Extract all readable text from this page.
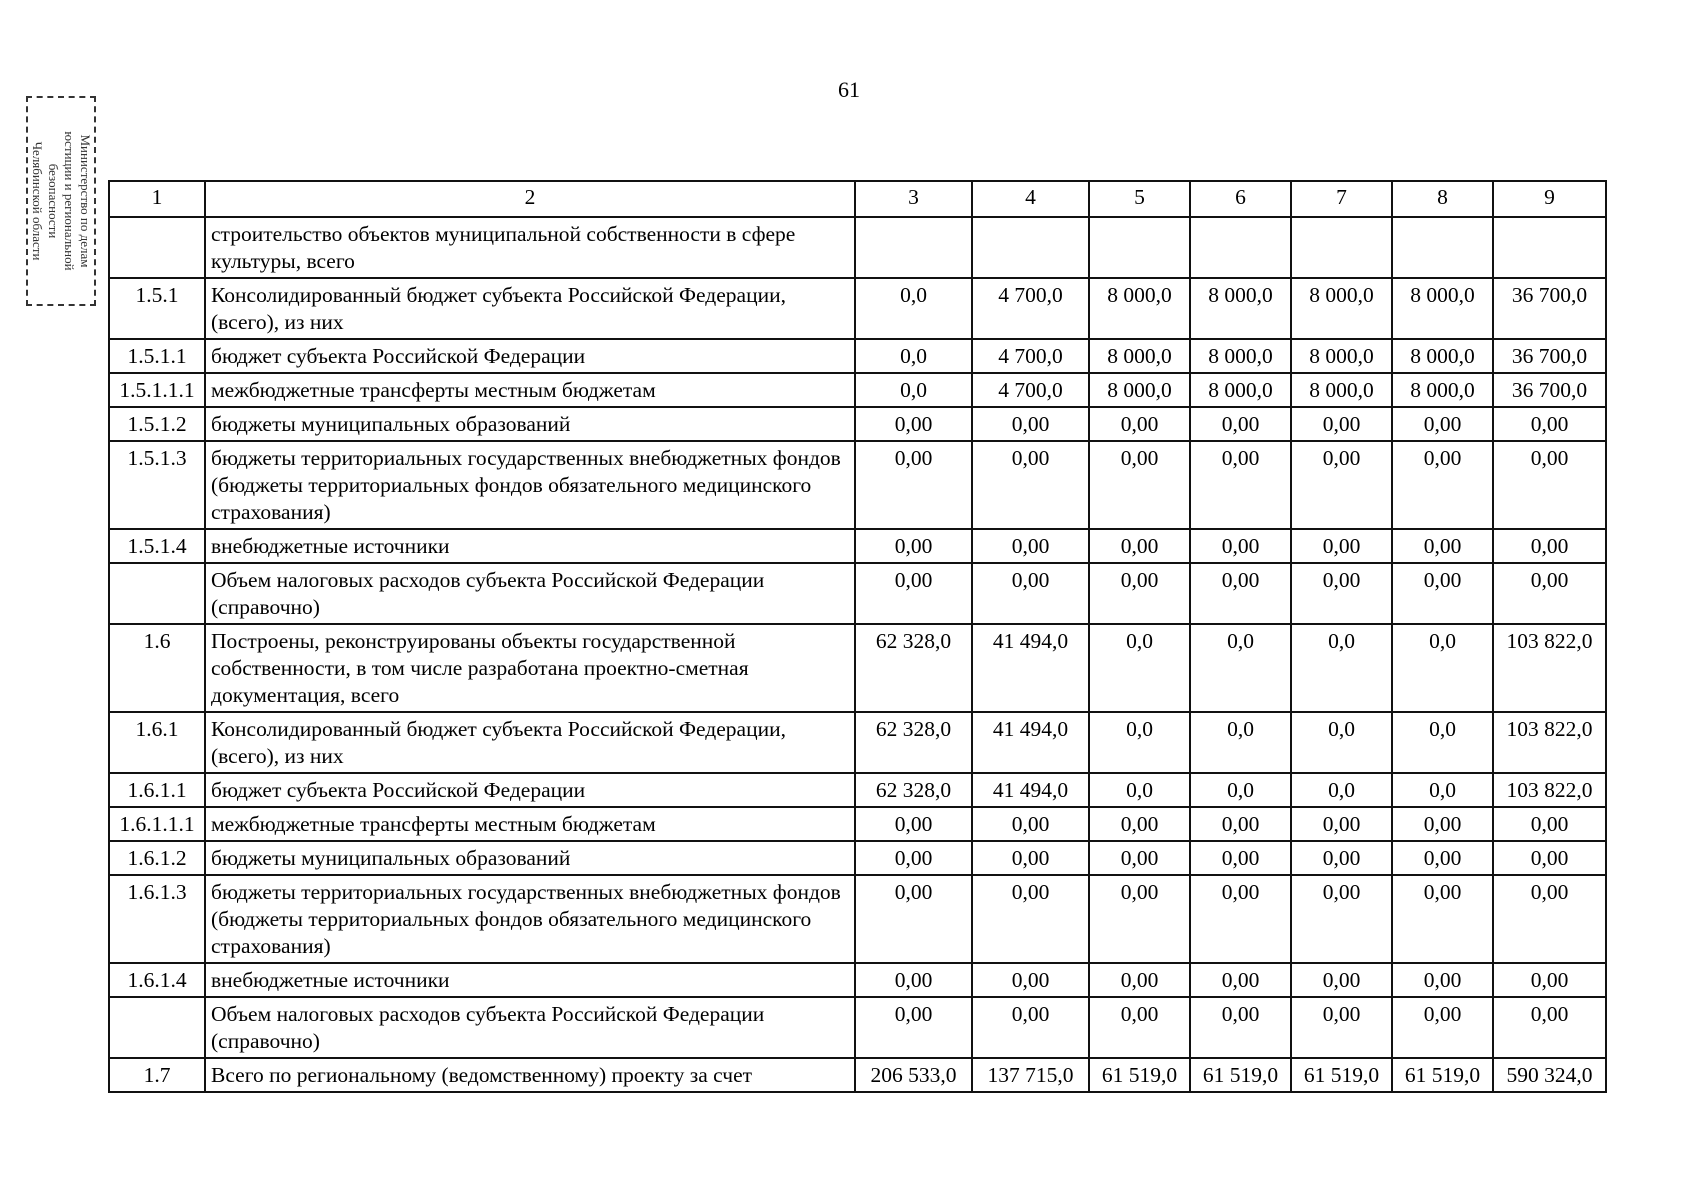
61
Министерство по делам
юстиции и региональной
безопасности
Челябинской области	1	2	3	4	5	6	7	8	9
	строительство объектов муниципальной собственности в сфере культуры, всего							
1.5.1	Консолидированный бюджет субъекта Российской Федерации, (всего), из них	0,0	4 700,0	8 000,0	8 000,0	8 000,0	8 000,0	36 700,0
1.5.1.1	бюджет субъекта Российской Федерации	0,0	4 700,0	8 000,0	8 000,0	8 000,0	8 000,0	36 700,0
1.5.1.1.1	межбюджетные трансферты местным бюджетам	0,0	4 700,0	8 000,0	8 000,0	8 000,0	8 000,0	36 700,0
1.5.1.2	бюджеты муниципальных образований	0,00	0,00	0,00	0,00	0,00	0,00	0,00
1.5.1.3	бюджеты территориальных государственных внебюджетных фондов (бюджеты территориальных фондов обязательного медицинского страхования)	0,00	0,00	0,00	0,00	0,00	0,00	0,00
1.5.1.4	внебюджетные источники	0,00	0,00	0,00	0,00	0,00	0,00	0,00
	Объем налоговых расходов субъекта Российской Федерации (справочно)	0,00	0,00	0,00	0,00	0,00	0,00	0,00
1.6	Построены, реконструированы объекты государственной собственности, в том числе разработана проектно-сметная документация, всего	62 328,0	41 494,0	0,0	0,0	0,0	0,0	103 822,0
1.6.1	Консолидированный бюджет субъекта Российской Федерации, (всего), из них	62 328,0	41 494,0	0,0	0,0	0,0	0,0	103 822,0
1.6.1.1	бюджет субъекта Российской Федерации	62 328,0	41 494,0	0,0	0,0	0,0	0,0	103 822,0
1.6.1.1.1	межбюджетные трансферты местным бюджетам	0,00	0,00	0,00	0,00	0,00	0,00	0,00
1.6.1.2	бюджеты муниципальных образований	0,00	0,00	0,00	0,00	0,00	0,00	0,00
1.6.1.3	бюджеты территориальных государственных внебюджетных фондов (бюджеты территориальных фондов обязательного медицинского страхования)	0,00	0,00	0,00	0,00	0,00	0,00	0,00
1.6.1.4	внебюджетные источники	0,00	0,00	0,00	0,00	0,00	0,00	0,00
	Объем налоговых расходов субъекта Российской Федерации (справочно)	0,00	0,00	0,00	0,00	0,00	0,00	0,00
1.7	Всего по региональному (ведомственному) проекту за счет	206 533,0	137 715,0	61 519,0	61 519,0	61 519,0	61 519,0	590 324,0
